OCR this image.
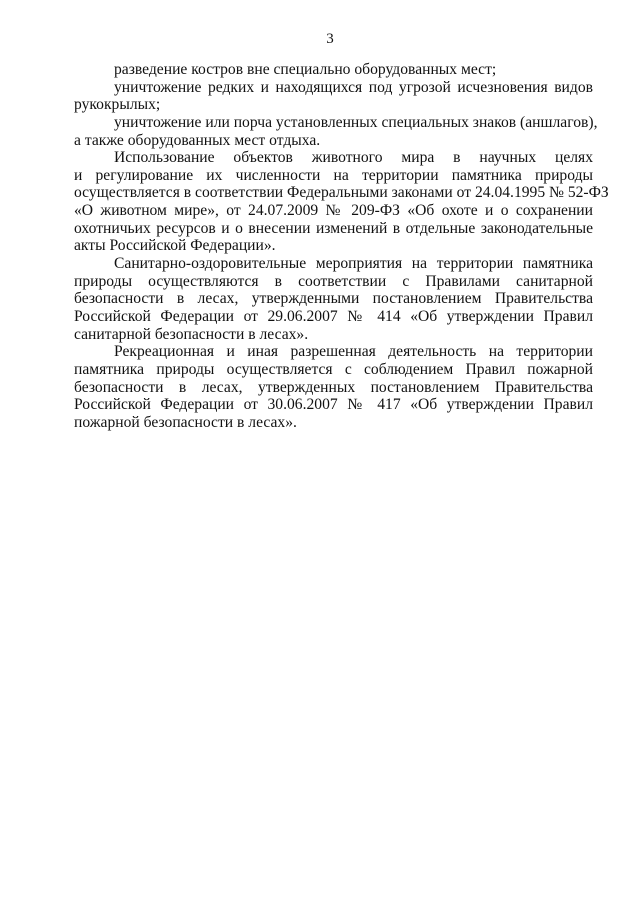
3
разведение костров вне специально оборудованных мест;
уничтожение редких и находящихся под угрозой исчезновения видов
рукокрылых;
уничтожение или порча установленных специальных знаков (аншлагов),
а также оборудованных мест отдыха.
Использование объектов животного мира в научных целях
и регулирование их численности на территории памятника природы
осуществляется в соответствии Федеральными законами от 24.04.1995 № 52-ФЗ
«О животном мире», от 24.07.2009 № 209-ФЗ «Об охоте и о сохранении
охотничьих ресурсов и о внесении изменений в отдельные законодательные
акты Российской Федерации».
Санитарно-оздоровительные мероприятия на территории памятника
природы осуществляются в соответствии с Правилами санитарной
безопасности в лесах, утвержденными постановлением Правительства
Российской Федерации от 29.06.2007 № 414 «Об утверждении Правил
санитарной безопасности в лесах».
Рекреационная и иная разрешенная деятельность на территории
памятника природы осуществляется с соблюдением Правил пожарной
безопасности в лесах, утвержденных постановлением Правительства
Российской Федерации от 30.06.2007 № 417 «Об утверждении Правил
пожарной безопасности в лесах».
